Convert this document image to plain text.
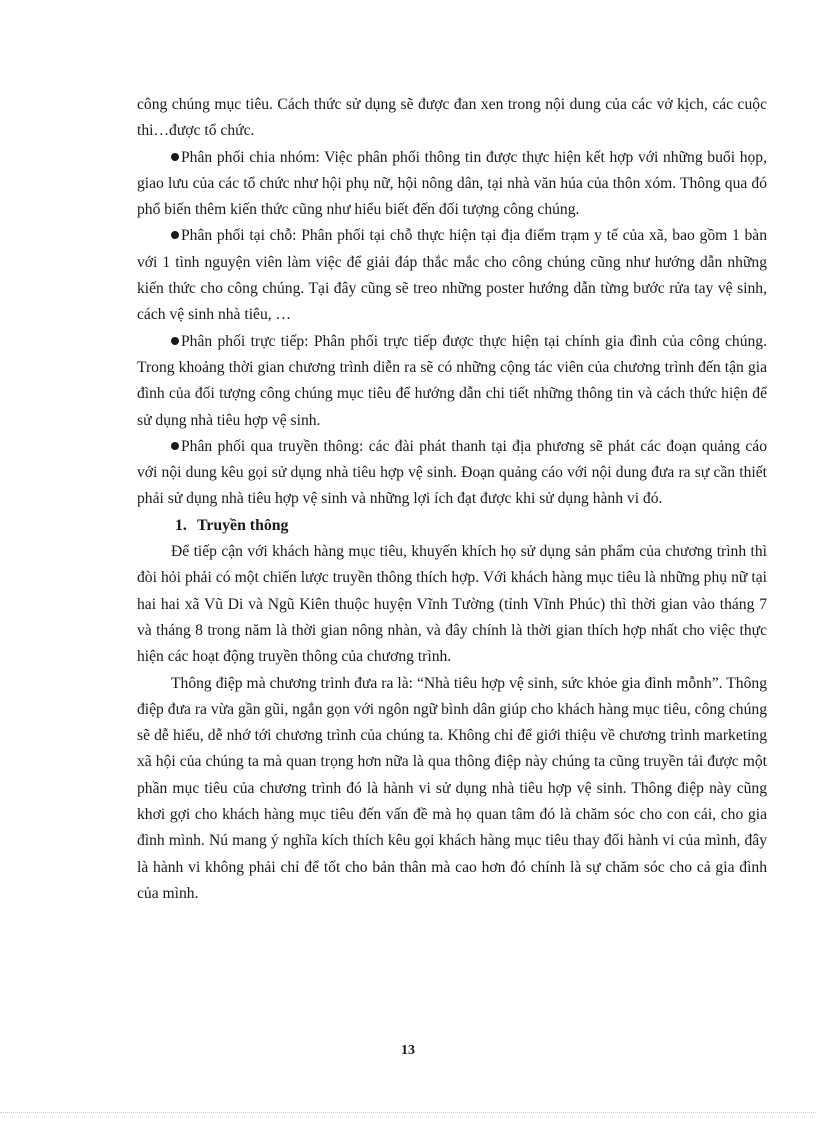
công chúng mục tiêu. Cách thức sử dụng sẽ được đan xen trong nội dung của các vở kịch, các cuộc thi…được tổ chức.

Phân phối chia nhóm: Việc phân phối thông tin được thực hiện kết hợp với những buổi họp, giao lưu của các tổ chức như hội phụ nữ, hội nông dân, tại nhà văn húa của thôn xóm. Thông qua đó phổ biến thêm kiến thức cũng như hiểu biết đến đối tượng công chúng.

Phân phối tại chỗ: Phân phối tại chỗ thực hiện tại địa điểm trạm y tế của xã, bao gồm 1 bàn với 1 tình nguyện viên làm việc để giải đáp thắc mắc cho công chúng cũng như hướng dẫn những kiến thức cho công chúng. Tại đây cũng sẽ treo những poster hướng dẫn từng bước rửa tay vệ sinh, cách vệ sinh nhà tiêu, …

Phân phối trực tiếp: Phân phối trực tiếp được thực hiện tại chính gia đình của công chúng. Trong khoảng thời gian chương trình diễn ra sẽ có những cộng tác viên của chương trình đến tận gia đình của đối tượng công chúng mục tiêu để hướng dẫn chi tiết những thông tin và cách thức hiện để sử dụng nhà tiêu hợp vệ sinh.

Phân phối qua truyền thông: các đài phát thanh tại địa phương sẽ phát các đoạn quảng cáo với nội dung kêu gọi sử dụng nhà tiêu hợp vệ sinh. Đoạn quảng cáo với nội dung đưa ra sự cần thiết phải sử dụng nhà tiêu hợp vệ sinh và những lợi ích đạt được khi sử dụng hành vi đó.

1. Truyền thông

Để tiếp cận với khách hàng mục tiêu, khuyến khích họ sử dụng sản phẩm của chương trình thì đòi hỏi phải có một chiến lược truyền thông thích hợp. Với khách hàng mục tiêu là những phụ nữ tại hai hai xã Vũ Di và Ngũ Kiên thuộc huyện Vĩnh Tường (tỉnh Vĩnh Phúc) thì thời gian vào tháng 7 và tháng 8 trong năm là thời gian nông nhàn, và đây chính là thời gian thích hợp nhất cho việc thực hiện các hoạt động truyền thông của chương trình.

Thông điệp mà chương trình đưa ra là: “Nhà tiêu hợp vệ sinh, sức khỏe gia đình mỗnh”. Thông điệp đưa ra vừa gần gũi, ngắn gọn với ngôn ngữ bình dân giúp cho khách hàng mục tiêu, công chúng sẽ dễ hiểu, dễ nhớ tới chương trình của chúng ta. Không chỉ để giới thiệu về chương trình marketing xã hội của chúng ta mà quan trọng hơn nữa là qua thông điệp này chúng ta cũng truyền tải được một phần mục tiêu của chương trình đó là hành vi sử dụng nhà tiêu hợp vệ sinh. Thông điệp này cũng khơi gợi cho khách hàng mục tiêu đến vấn đề mà họ quan tâm đó là chăm sóc cho con cái, cho gia đình mình. Nú mang ý nghĩa kích thích kêu gọi khách hàng mục tiêu thay đổi hành vi của mình, đây là hành vi không phải chỉ để tốt cho bản thân mà cao hơn đó chính là sự chăm sóc cho cả gia đình của mình.

13
